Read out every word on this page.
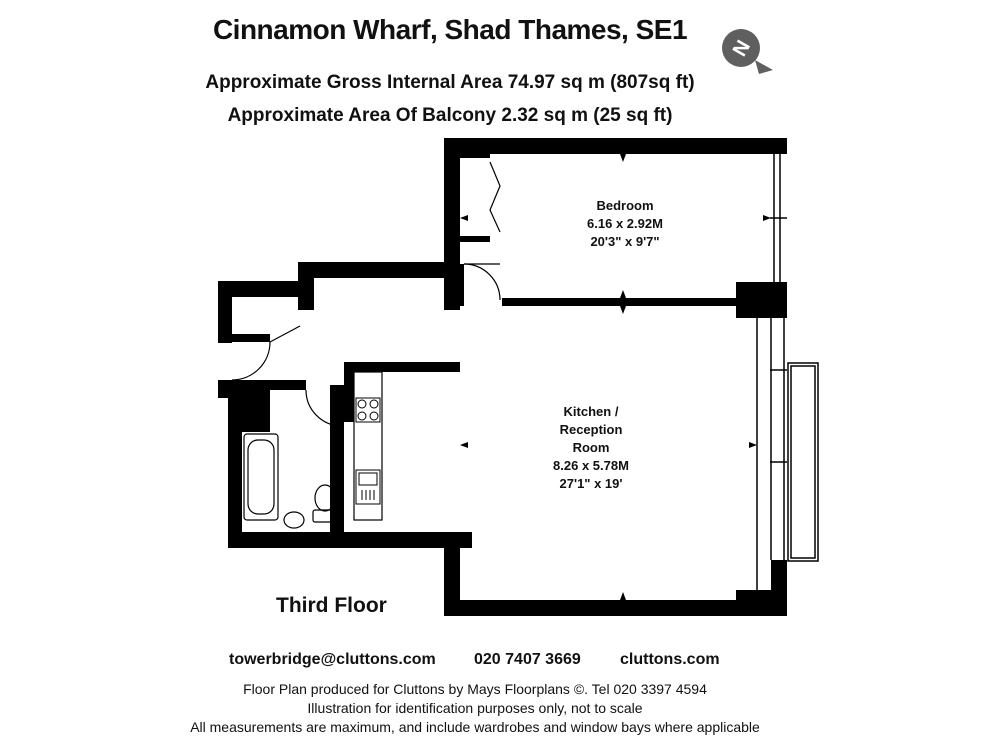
Cinnamon Wharf, Shad Thames, SE1
Approximate Gross Internal Area 74.97 sq m (807sq ft)
Approximate Area Of Balcony 2.32 sq m (25 sq ft)
N
Bedroom
6.16 x 2.92M
20'3" x 9'7"
Kitchen /
Reception
Room
8.26 x 5.78M
27'1" x 19'
Third Floor
towerbridge@cluttons.com 020 7407 3669 cluttons.com
Floor Plan produced for Cluttons by Mays Floorplans ©. Tel 020 3397 4594
Illustration for identification purposes only, not to scale
All measurements are maximum, and include wardrobes and window bays where applicable
